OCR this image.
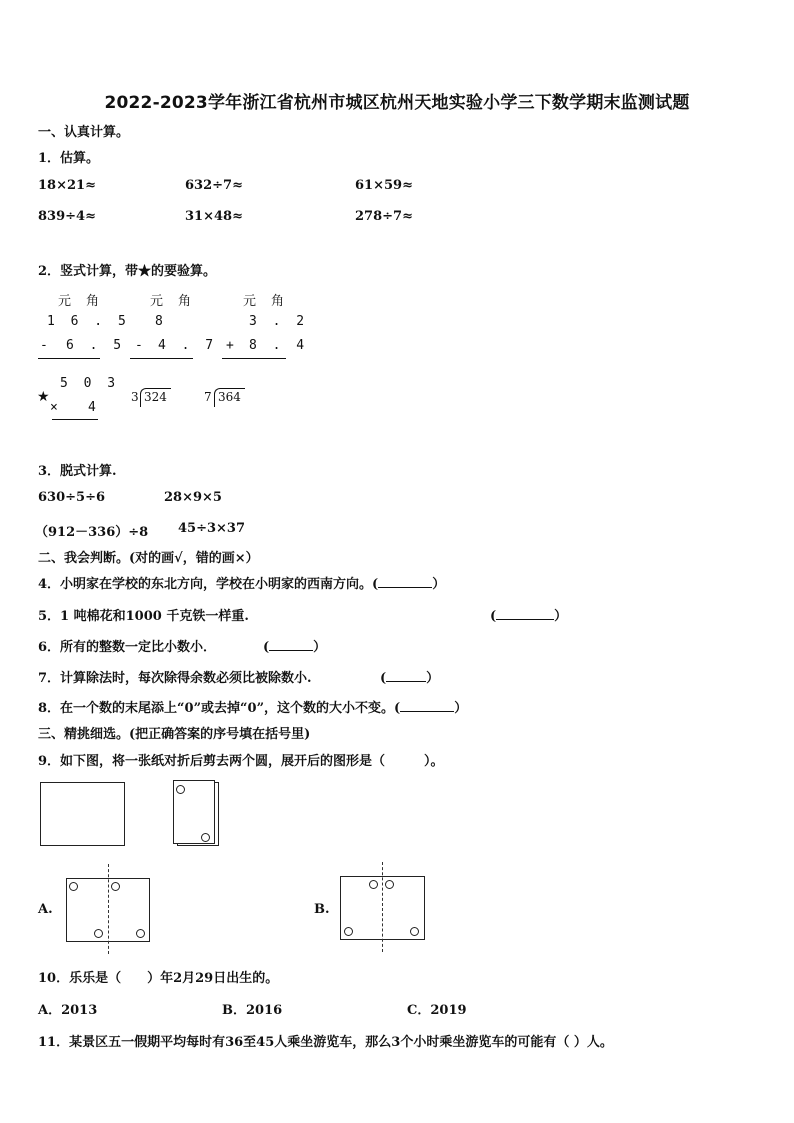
2022-2023学年浙江省杭州市城区杭州天地实验小学三下数学期末监测试题
一、认真计算。
1．估算。
18×21≈	632÷7≈	61×59≈
839÷4≈	31×48≈	278÷7≈
2．竖式计算，带★的要验算。
元 角
1 6 . 5
- 6 . 5
元 角
8
- 4 . 7
元 角
3 . 2
+ 8 . 4
★
5 0 3
× 4
3 324	7 364
3．脱式计算.
630÷5÷6	28×9×5
（912－336）÷8 45÷3×37
二、我会判断。(对的画√，错的画×）
4．小明家在学校的东北方向，学校在小明家的西南方向。(	）
5．1 吨棉花和1000 千克铁一样重.	(	）
6．所有的整数一定比小数小．	(	）
7．计算除法时，每次除得余数必须比被除数小.	(	）
8．在一个数的末尾添上“0”或去掉“0”，这个数的大小不变。(	）
三、精挑细选。(把正确答案的序号填在括号里)
9．如下图，将一张纸对折后剪去两个圆，展开后的图形是（　　　）。
A.	B.
10．乐乐是（　　）年2月29日出生的。
A．2013	B．2016	C．2019
11．某景区五一假期平均每时有36至45人乘坐游览车，那么3个小时乘坐游览车的可能有（ ）人。
